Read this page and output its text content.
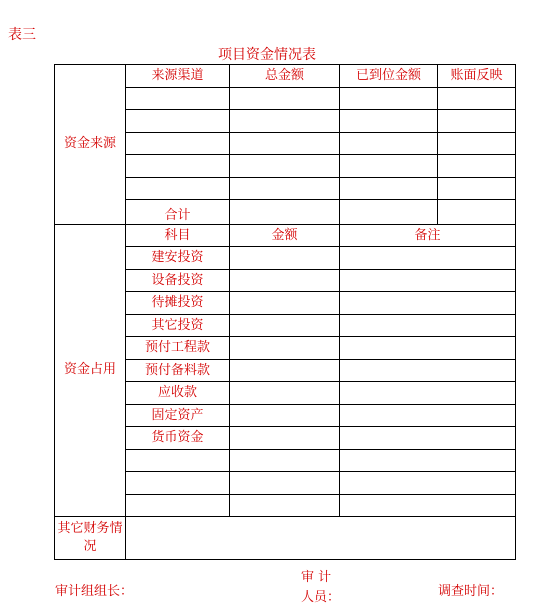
表三
项目资金情况表
资金来源	来源渠道	总金额	已到位金额	账面反映

	合计			
资金占用	科目	金额	备注	
	建安投资			
	设备投资			
	待摊投资			
	其它投资			
	预付工程款			
	预付备料款			
	应收款			
	固定资产			
	货币资金			

其它财务情况				
审计组组长：
审 计 人员：	调查时间：
